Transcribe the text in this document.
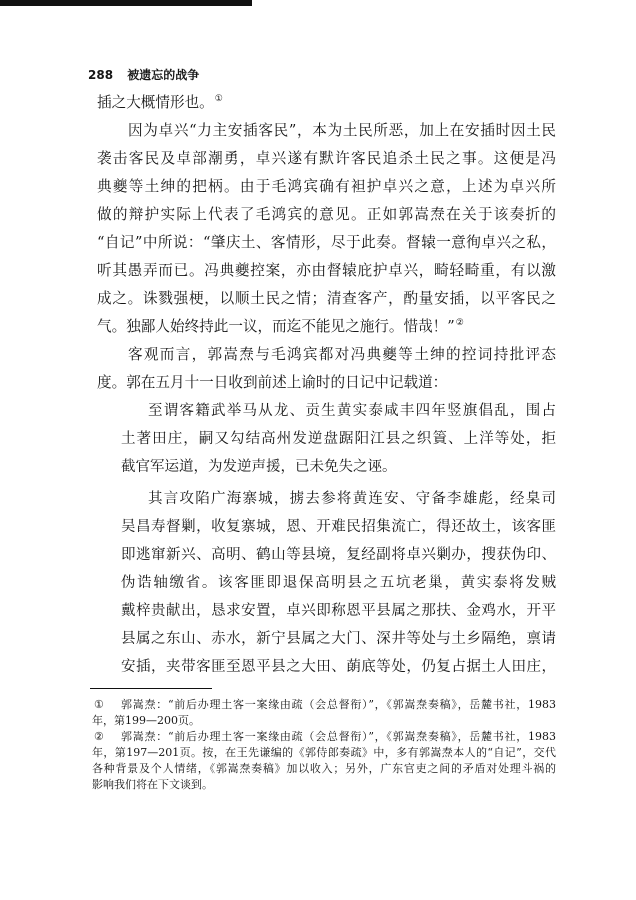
288 被遗忘的战争
插之大概情形也。①
因为卓兴“力主安插客民”，本为土民所恶，加上在安插时因土民
袭击客民及卓部潮勇，卓兴遂有默许客民追杀土民之事。这便是冯
典夔等土绅的把柄。由于毛鸿宾确有袒护卓兴之意，上述为卓兴所
做的辩护实际上代表了毛鸿宾的意见。正如郭嵩焘在关于该奏折的
“自记”中所说：“肇庆土、客情形，尽于此奏。督辕一意徇卓兴之私，
听其愚弄而已。冯典夔控案，亦由督辕庇护卓兴，畸轻畸重，有以激
成之。诛戮强梗，以顺土民之情；清查客产，酌量安插，以平客民之
气。独鄙人始终持此一议，而迄不能见之施行。惜哉！”②
客观而言，郭嵩焘与毛鸿宾都对冯典夔等土绅的控词持批评态
度。郭在五月十一日收到前述上谕时的日记中记载道：
至谓客籍武举马从龙、贡生黄实泰咸丰四年竖旗倡乱，围占
土著田庄，嗣又勾结高州发逆盘踞阳江县之织篢、上洋等处，拒
截官军运道，为发逆声援，已未免失之诬。
其言攻陷广海寨城，掳去参将黄连安、守备李雄彪，经臬司
吴昌寿督剿，收复寨城，恩、开难民招集流亡，得还故土，该客匪
即逃窜新兴、高明、鹤山等县境，复经副将卓兴剿办，搜获伪印、
伪诰轴缴省。该客匪即退保高明县之五坑老巢，黄实泰将发贼
戴梓贵献出，恳求安置，卓兴即称恩平县属之那扶、金鸡水，开平
县属之东山、赤水，新宁县属之大门、深井等处与土乡隔绝，禀请
安插，夹带客匪至恩平县之大田、蓢底等处，仍复占据土人田庄，
① 郭嵩焘：“前后办理土客一案缘由疏（会总督衔）”，《郭嵩焘奏稿》，岳麓书社，1983
年，第199—200页。
② 郭嵩焘：“前后办理土客一案缘由疏（会总督衔）”，《郭嵩焘奏稿》，岳麓书社，1983
年，第197—201页。按，在王先谦编的《郭侍郎奏疏》中，多有郭嵩焘本人的“自记”，交代
各种背景及个人情绪，《郭嵩焘奏稿》加以收入；另外，广东官吏之间的矛盾对处理斗祸的
影响我们将在下文谈到。
